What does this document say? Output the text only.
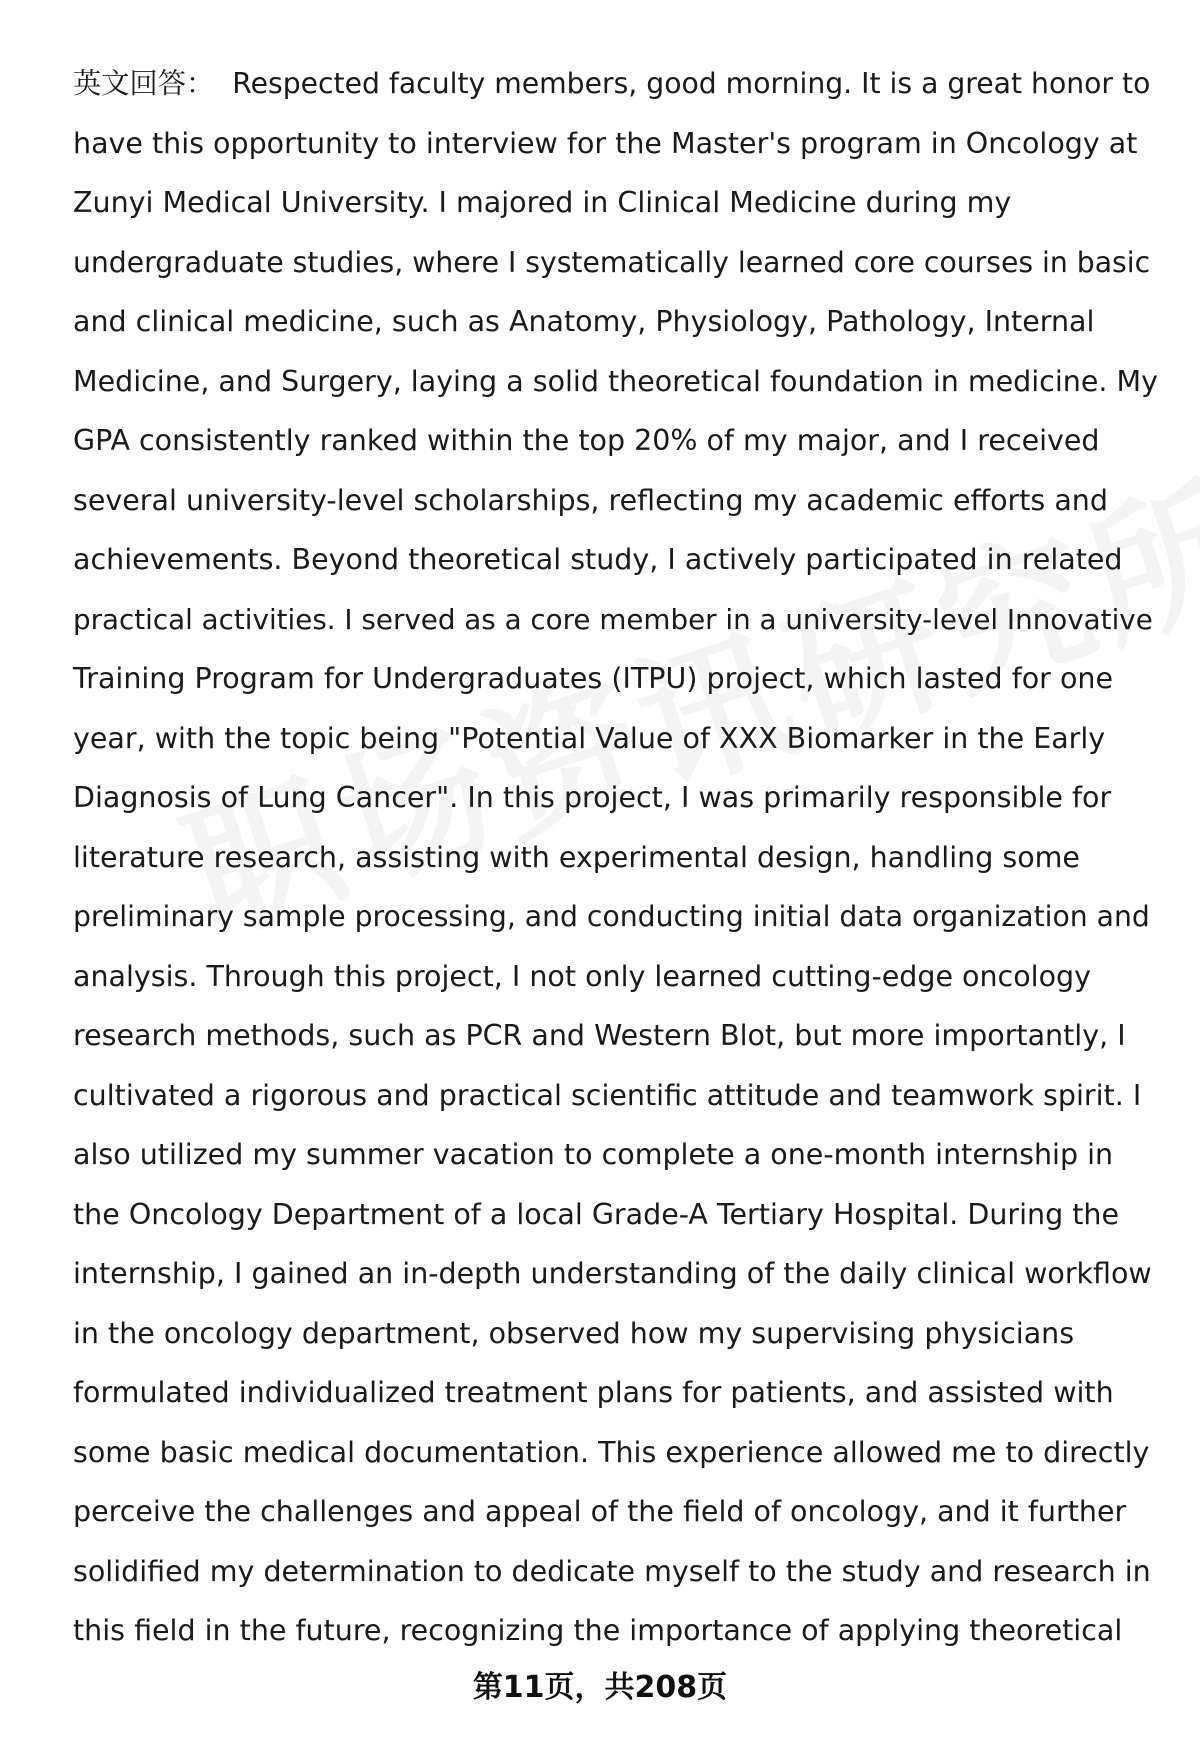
英文回答： Respected faculty members, good morning. It is a great honor to
have this opportunity to interview for the Master's program in Oncology at
Zunyi Medical University. I majored in Clinical Medicine during my
undergraduate studies, where I systematically learned core courses in basic
and clinical medicine, such as Anatomy, Physiology, Pathology, Internal
Medicine, and Surgery, laying a solid theoretical foundation in medicine. My
GPA consistently ranked within the top 20% of my major, and I received
several university-level scholarships, reflecting my academic efforts and
achievements. Beyond theoretical study, I actively participated in related
practical activities. I served as a core member in a university-level Innovative
Training Program for Undergraduates (ITPU) project, which lasted for one
year, with the topic being "Potential Value of XXX Biomarker in the Early
Diagnosis of Lung Cancer". In this project, I was primarily responsible for
literature research, assisting with experimental design, handling some
preliminary sample processing, and conducting initial data organization and
analysis. Through this project, I not only learned cutting-edge oncology
research methods, such as PCR and Western Blot, but more importantly, I
cultivated a rigorous and practical scientific attitude and teamwork spirit. I
also utilized my summer vacation to complete a one-month internship in
the Oncology Department of a local Grade-A Tertiary Hospital. During the
internship, I gained an in-depth understanding of the daily clinical workflow
in the oncology department, observed how my supervising physicians
formulated individualized treatment plans for patients, and assisted with
some basic medical documentation. This experience allowed me to directly
perceive the challenges and appeal of the field of oncology, and it further
solidified my determination to dedicate myself to the study and research in
this field in the future, recognizing the importance of applying theoretical
第11页，共208页
